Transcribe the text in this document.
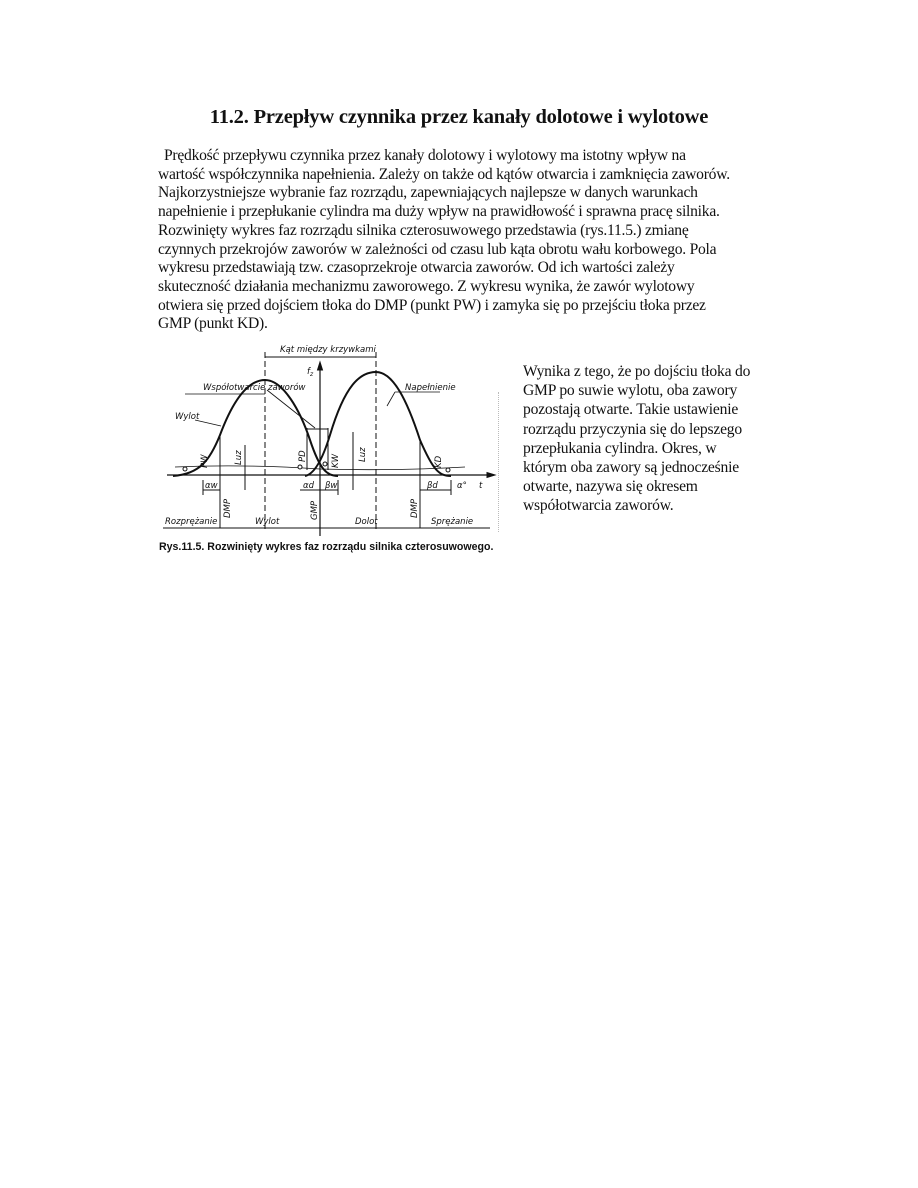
11.2. Przepływ czynnika przez kanały dolotowe i wylotowe
Prędkość przepływu czynnika przez kanały dolotowy i wylotowy ma istotny wpływ na
wartość współczynnika napełnienia. Zależy on także od kątów otwarcia i zamknięcia zaworów.
Najkorzystniejsze wybranie faz rozrządu, zapewniających najlepsze w danych warunkach
napełnienie i przepłukanie cylindra ma duży wpływ na prawidłowość i sprawna pracę silnika.
Rozwinięty wykres faz rozrządu silnika czterosuwowego przedstawia (rys.11.5.) zmianę
czynnych przekrojów zaworów w zależności od czasu lub kąta obrotu wału korbowego. Pola
wykresu przedstawiają tzw. czasoprzekroje otwarcia zaworów. Od ich wartości zależy
skuteczność działania mechanizmu zaworowego. Z wykresu wynika, że zawór wylotowy
otwiera się przed dojściem tłoka do DMP (punkt PW) i zamyka się po przejściu tłoka przez
GMP (punkt KD).
Kąt między krzywkami
$f_z$
Współotwarcie zaworów
Wylot
Napełnienie
PW	Luz	PD	KW Luz	KD
αw	αd βw	βd α° t
DMP	GMP	DMP
Rozprężanie	Wylot	Dolot	Sprężanie
Rys.11.5. Rozwinięty wykres faz rozrządu silnika czterosuwowego.
Wynika z tego, że po dojściu tłoka do
GMP po suwie wylotu, oba zawory
pozostają otwarte. Takie ustawienie
rozrządu przyczynia się do lepszego
przepłukania cylindra. Okres, w
którym oba zawory są jednocześnie
otwarte, nazywa się okresem
współotwarcia zaworów.
